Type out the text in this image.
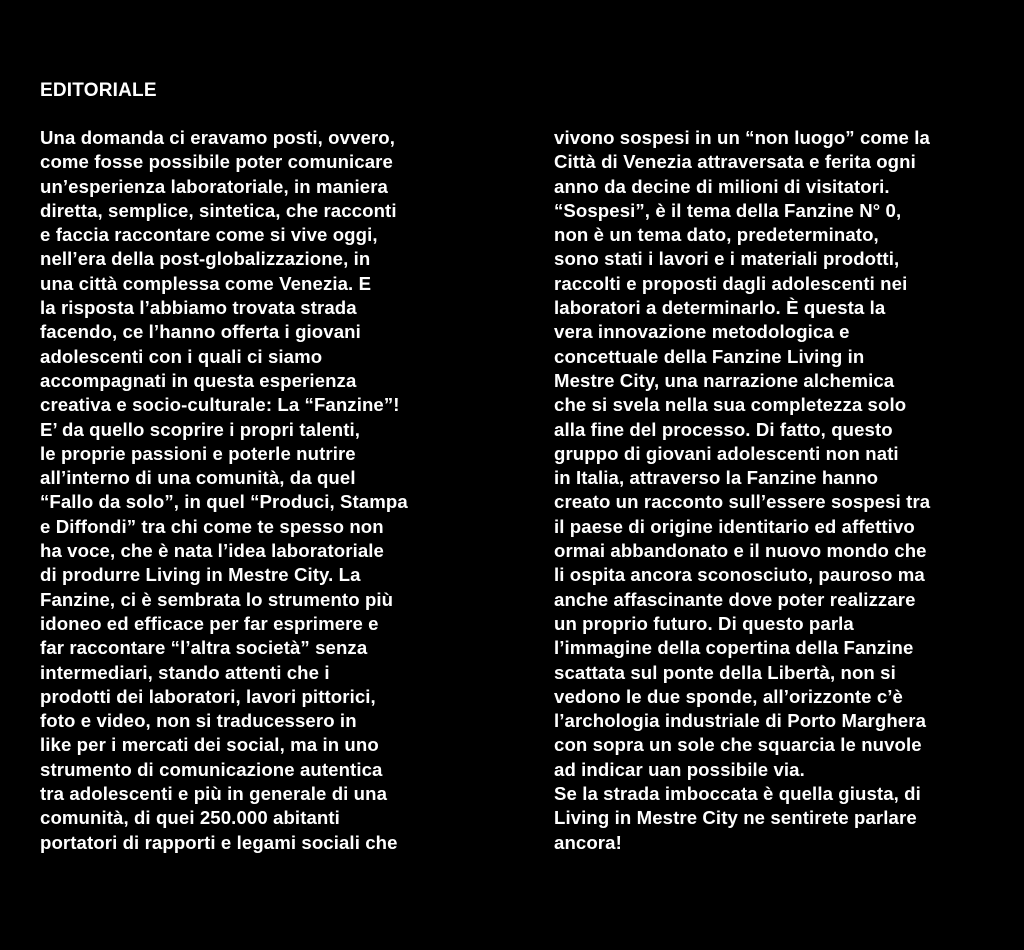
EDITORIALE
Una domanda ci eravamo posti, ovvero,
come fosse possibile poter comunicare
un’esperienza laboratoriale, in maniera
diretta, semplice, sintetica, che racconti
e faccia raccontare come si vive oggi,
nell’era della post-globalizzazione, in
una città complessa come Venezia. E
la risposta l’abbiamo trovata strada
facendo, ce l’hanno offerta i giovani
adolescenti con i quali ci siamo
accompagnati in questa esperienza
creativa e socio-culturale: La “Fanzine”!
E’ da quello scoprire i propri talenti,
le proprie passioni e poterle nutrire
all’interno di una comunità, da quel
“Fallo da solo”, in quel “Produci, Stampa
e Diffondi” tra chi come te spesso non
ha voce, che è nata l’idea laboratoriale
di produrre Living in Mestre City. La
Fanzine, ci è sembrata lo strumento più
idoneo ed efficace per far esprimere e
far raccontare “l’altra società” senza
intermediari, stando attenti che i
prodotti dei laboratori, lavori pittorici,
foto e video, non si traducessero in
like per i mercati dei social, ma in uno
strumento di comunicazione autentica
tra adolescenti e più in generale di una
comunità, di quei 250.000 abitanti
portatori di rapporti e legami sociali che
vivono sospesi in un “non luogo” come la
Città di Venezia attraversata e ferita ogni
anno da decine di milioni di visitatori.
“Sospesi”, è il tema della Fanzine N° 0,
non è un tema dato, predeterminato,
sono stati i lavori e i materiali prodotti,
raccolti e proposti dagli adolescenti nei
laboratori a determinarlo. È questa la
vera innovazione metodologica e
concettuale della Fanzine Living in
Mestre City, una narrazione alchemica
che si svela nella sua completezza solo
alla fine del processo. Di fatto, questo
gruppo di giovani adolescenti non nati
in Italia, attraverso la Fanzine hanno
creato un racconto sull’essere sospesi tra
il paese di origine identitario ed affettivo
ormai abbandonato e il nuovo mondo che
li ospita ancora sconosciuto, pauroso ma
anche affascinante dove poter realizzare
un proprio futuro. Di questo parla
l’immagine della copertina della Fanzine
scattata sul ponte della Libertà, non si
vedono le due sponde, all’orizzonte c’è
l’archologia industriale di Porto Marghera
con sopra un sole che squarcia le nuvole
ad indicar uan possibile via.
Se la strada imboccata è quella giusta, di
Living in Mestre City ne sentirete parlare
ancora!
